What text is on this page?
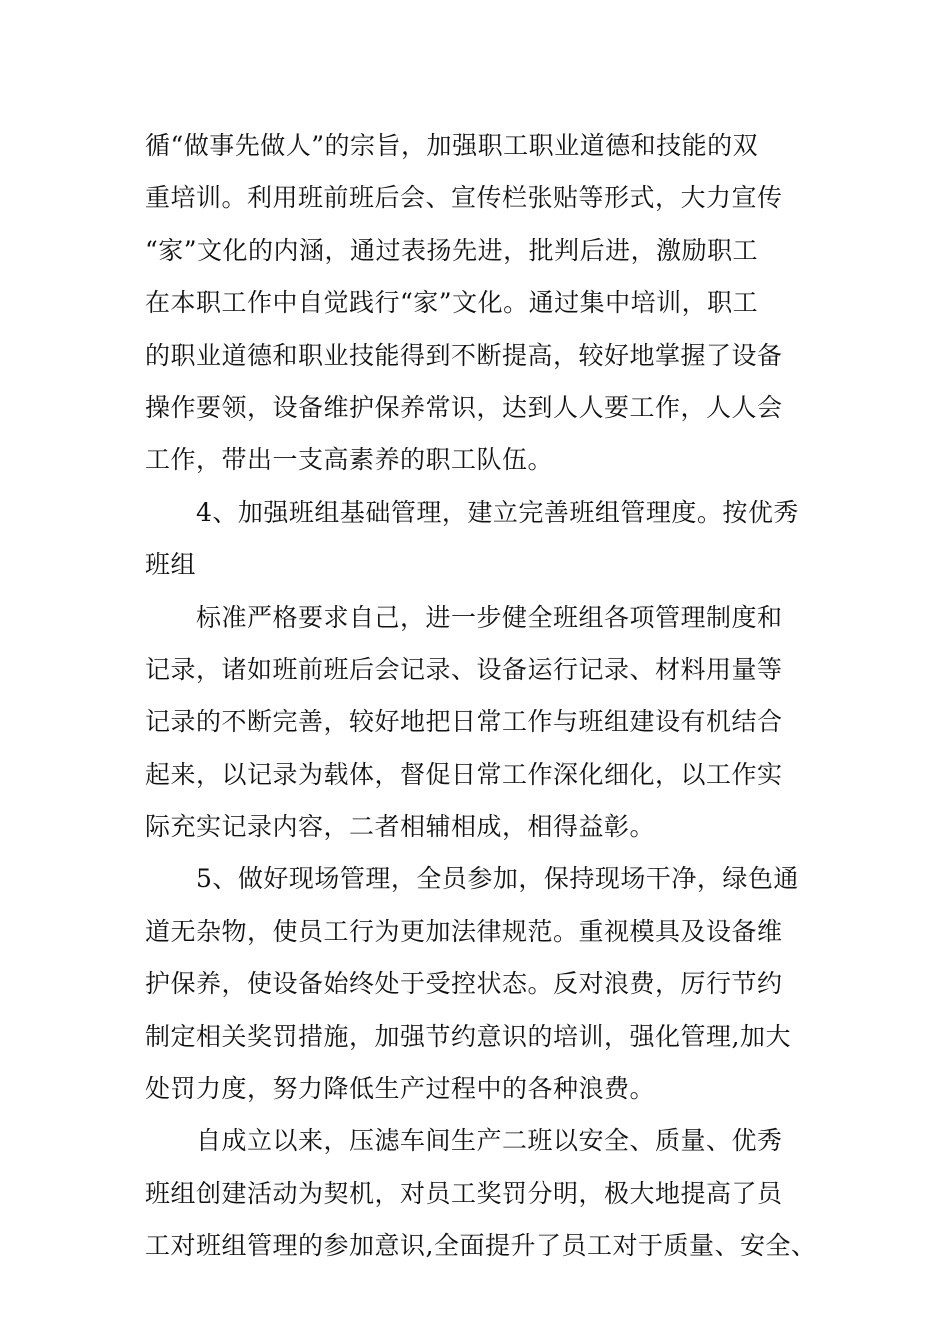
循“做事先做人”的宗旨，加强职工职业道德和技能的双
重培训。利用班前班后会、宣传栏张贴等形式，大力宣传
“家”文化的内涵，通过表扬先进，批判后进，激励职工
在本职工作中自觉践行“家”文化。通过集中培训，职工
的职业道德和职业技能得到不断提高，较好地掌握了设备
操作要领，设备维护保养常识，达到人人要工作，人人会
工作，带出一支高素养的职工队伍。
4、加强班组基础管理，建立完善班组管理度。按优秀
班组
标准严格要求自己，进一步健全班组各项管理制度和
记录，诸如班前班后会记录、设备运行记录、材料用量等
记录的不断完善，较好地把日常工作与班组建设有机结合
起来，以记录为载体，督促日常工作深化细化，以工作实
际充实记录内容，二者相辅相成，相得益彰。
5、做好现场管理，全员参加，保持现场干净，绿色通
道无杂物，使员工行为更加法律规范。重视模具及设备维
护保养，使设备始终处于受控状态。反对浪费，厉行节约
制定相关奖罚措施，加强节约意识的培训，强化管理,加大
处罚力度，努力降低生产过程中的各种浪费。
自成立以来，压滤车间生产二班以安全、质量、优秀
班组创建活动为契机，对员工奖罚分明，极大地提高了员
工对班组管理的参加意识,全面提升了员工对于质量、安全、
